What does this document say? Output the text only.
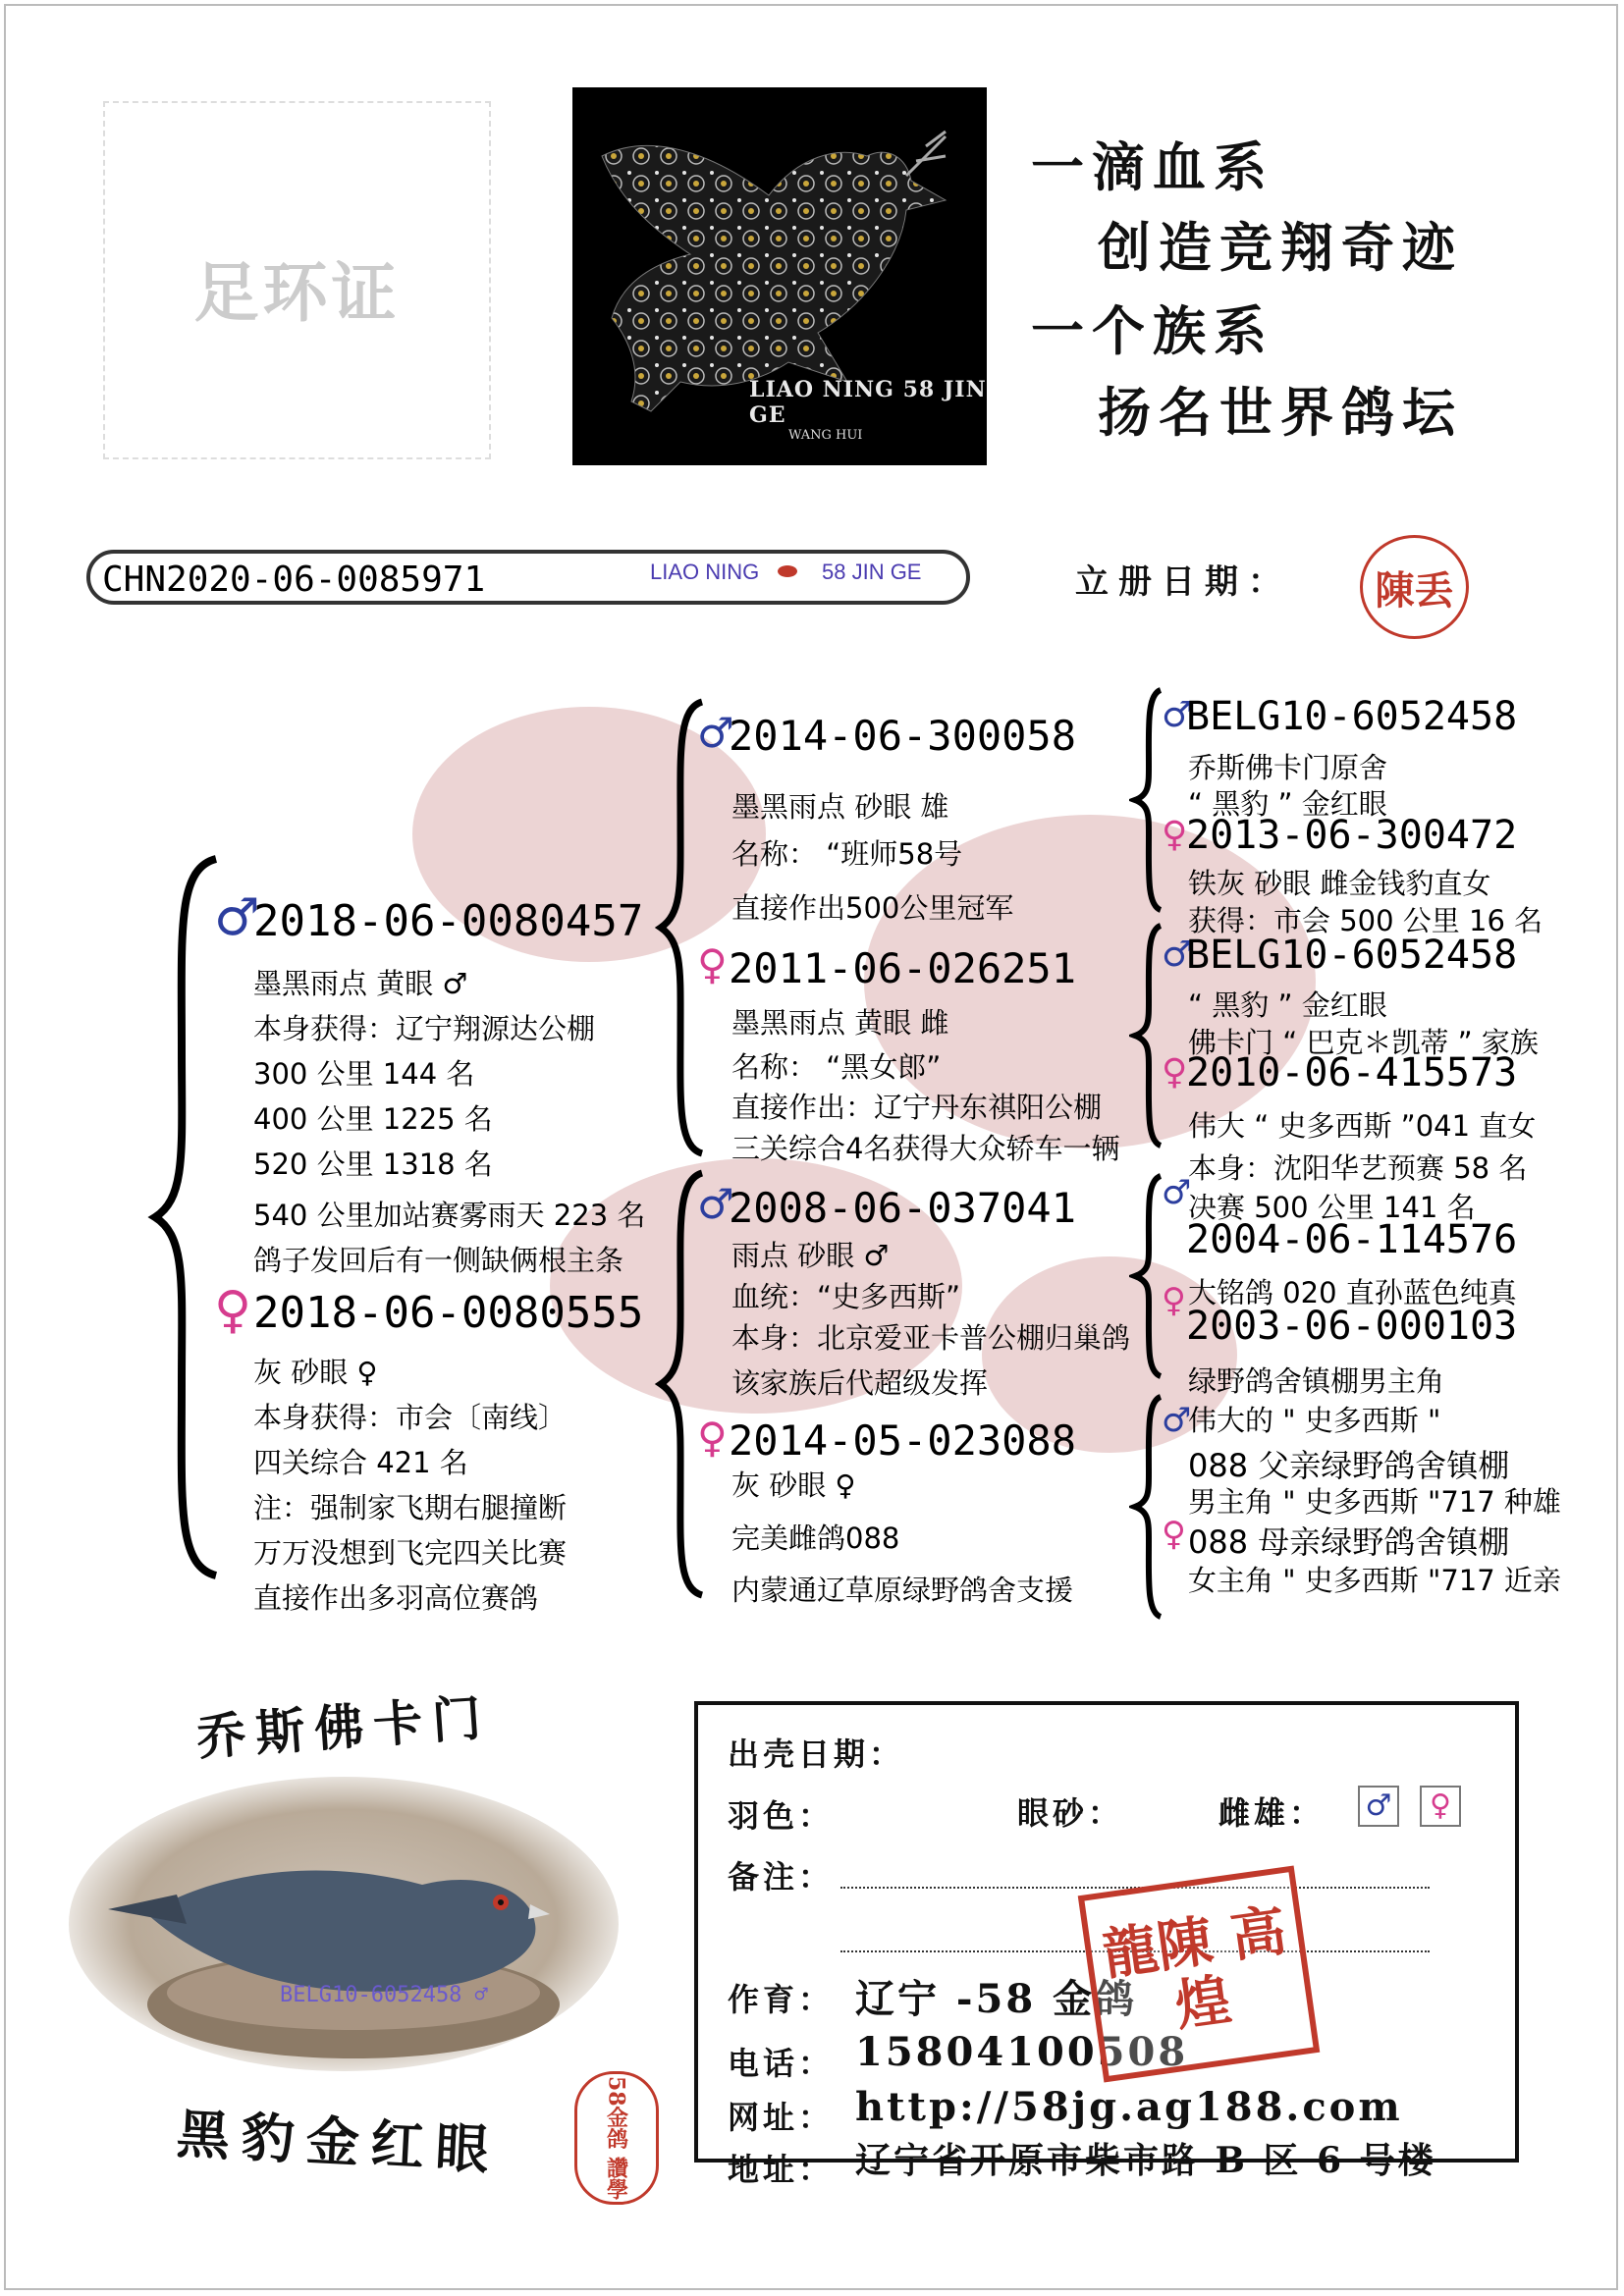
足环证
LIAO NING 58 JIN GE
WANG HUI
一滴血系
创造竞翔奇迹
一个族系
扬名世界鸽坛
CHN2020-06-0085971	LIAO NING	58 JIN GE	立册日期： 陳丢
♂
2018-06-0080457
墨黑雨点 黄眼 ♂
本身获得：辽宁翔源达公棚
300 公里 144 名
400 公里 1225 名
520 公里 1318 名
540 公里加站赛雾雨天 223 名
鸽子发回后有一侧缺俩根主条
♀ 2018-06-0080555
灰 砂眼 ♀
本身获得：市会〔南线〕
四关综合 421 名
注：强制家飞期右腿撞断
万万没想到飞完四关比赛
直接作出多羽高位赛鸽
♂
2014-06-300058
墨黑雨点 砂眼 雄
名称： “班师58号
直接作出500公里冠军
♀ 2011-06-026251
墨黑雨点 黄眼 雌
名称： “黑女郎”
直接作出：辽宁丹东祺阳公棚
三关综合4名获得大众轿车一辆
♂
2008-06-037041
雨点 砂眼 ♂
血统：“史多西斯”
本身：北京爱亚卡普公棚归巢鸽
该家族后代超级发挥
♀ 2014-05-023088
灰 砂眼 ♀
完美雌鸽088
内蒙通辽草原绿野鸽舍支援
♂
BELG10-6052458
乔斯佛卡门原舍
“ 黑豹 ” 金红眼
♀
2013-06-300472
铁灰 砂眼 雌金钱豹直女
获得：市会 500 公里 16 名
♂
BELG10-6052458
“ 黑豹 ” 金红眼
佛卡门 “ 巴克＊凯蒂 ” 家族
♀
2010-06-415573
伟大 “ 史多西斯 ”041 直女
本身：沈阳华艺预赛 58 名
♂
决赛 500 公里 141 名
2004-06-114576
♀ 大铭鸽 020 直孙蓝色纯真
2003-06-000103
绿野鸽舍镇棚男主角
♂
伟大的 " 史多西斯 "
088 父亲绿野鸽舍镇棚
男主角 " 史多西斯 "717 种雄
♀ 088 母亲绿野鸽舍镇棚
女主角 " 史多西斯 "717 近亲
乔斯佛卡门
BELG10-6052458 ♂
黑豹金红眼	58金鸽 讚學
出壳日期：
羽色：	眼砂：	雌雄： ♂	♀
备注：
作育： 辽宁 -58 金鸽
电话： 15804100508
网址： http://58jg.ag188.com
地址： 辽宁省开原市柴市路 B 区 6 号楼
龍陳 高煌
